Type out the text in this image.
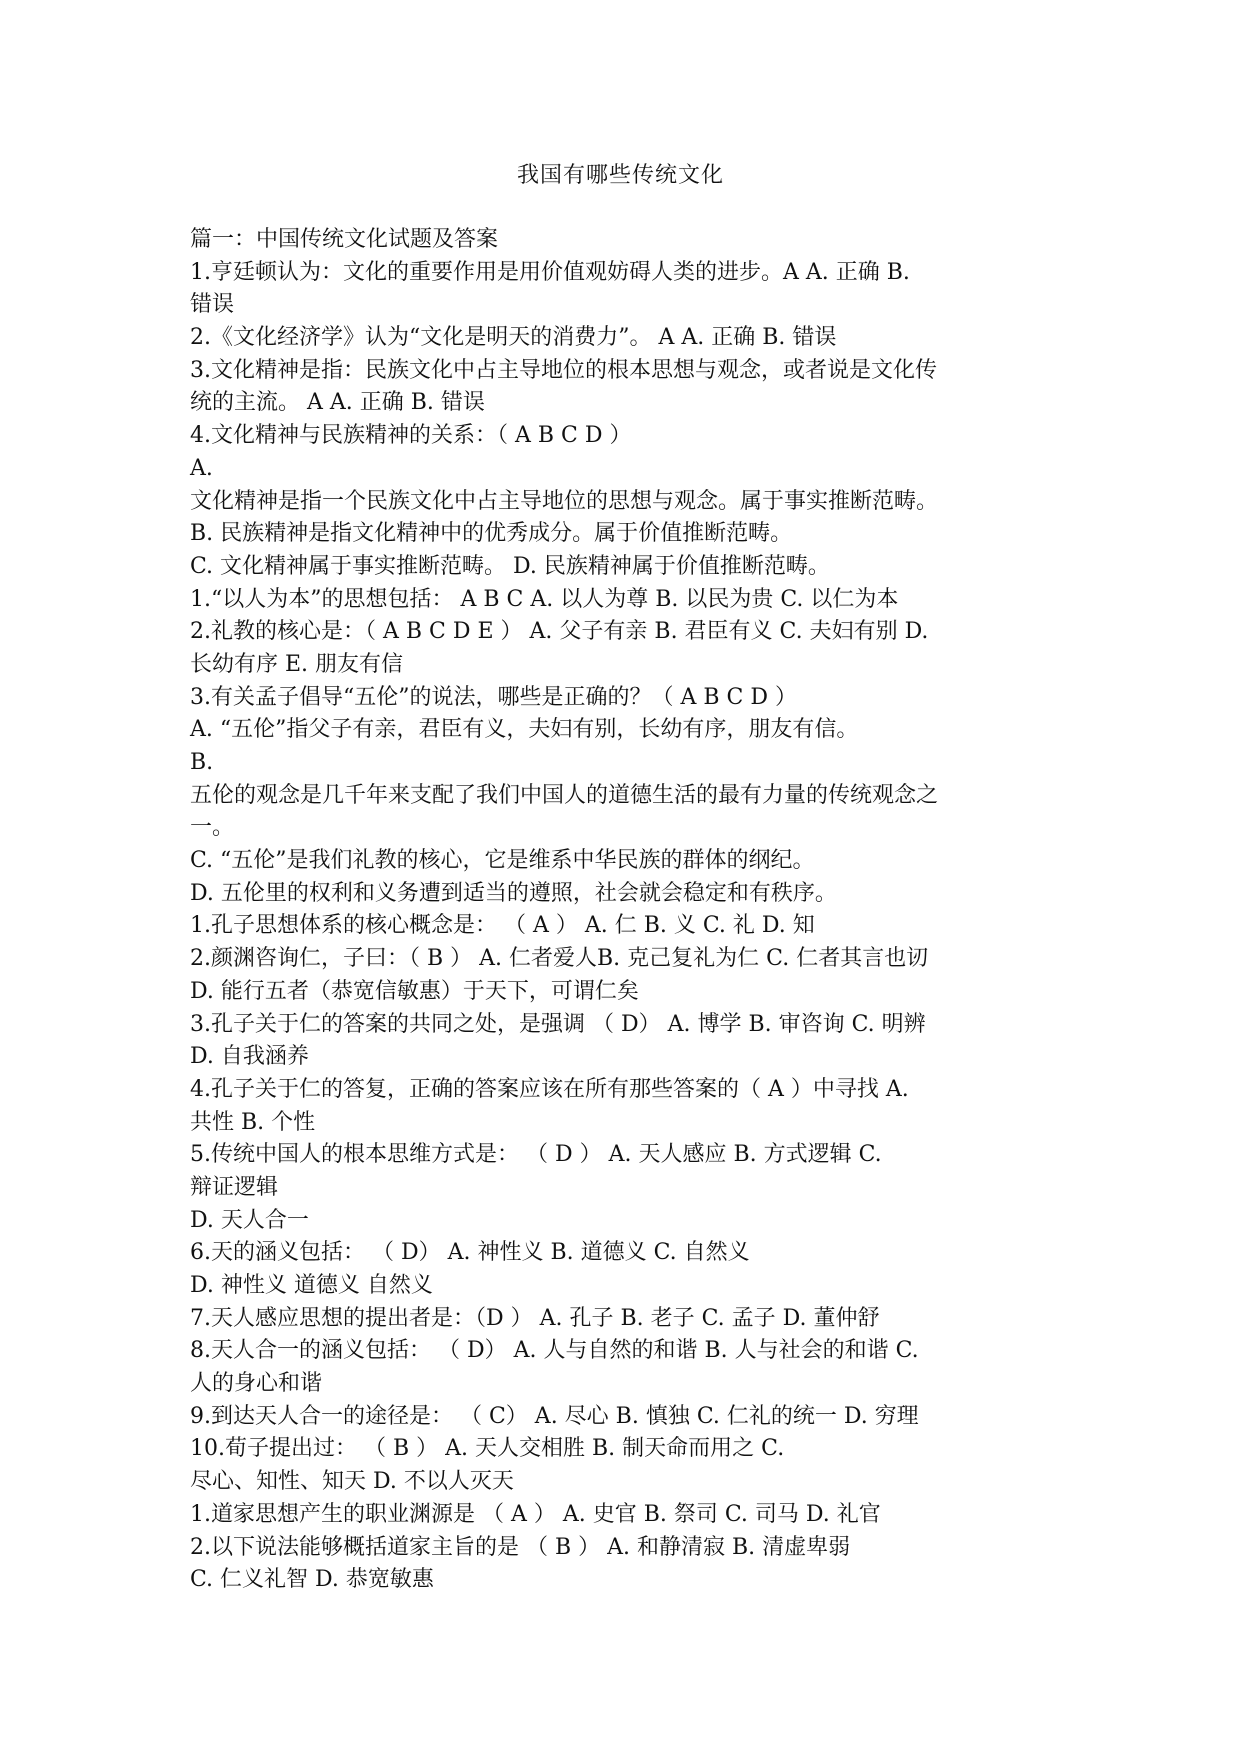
我国有哪些传统文化
篇一：中国传统文化试题及答案
1.亨廷顿认为：文化的重要作用是用价值观妨碍人类的进步。A A. 正确 B.
错误
2.《文化经济学》认为“文化是明天的消费力”。 A A. 正确 B. 错误
3.文化精神是指：民族文化中占主导地位的根本思想与观念，或者说是文化传
统的主流。 A A. 正确 B. 错误
4.文化精神与民族精神的关系：（ A B C D ）
A.
文化精神是指一个民族文化中占主导地位的思想与观念。属于事实推断范畴。
B. 民族精神是指文化精神中的优秀成分。属于价值推断范畴。
C. 文化精神属于事实推断范畴。 D. 民族精神属于价值推断范畴。
1.“以人为本”的思想包括： A B C A. 以人为尊 B. 以民为贵 C. 以仁为本
2.礼教的核心是：（ A B C D E ） A. 父子有亲 B. 君臣有义 C. 夫妇有别 D.
长幼有序 E. 朋友有信
3.有关孟子倡导“五伦”的说法，哪些是正确的？（ A B C D ）
A. “五伦”指父子有亲，君臣有义，夫妇有别，长幼有序，朋友有信。
B.
五伦的观念是几千年来支配了我们中国人的道德生活的最有力量的传统观念之
一。
C. “五伦”是我们礼教的核心，它是维系中华民族的群体的纲纪。
D. 五伦里的权利和义务遭到适当的遵照，社会就会稳定和有秩序。
1.孔子思想体系的核心概念是： （ A ） A. 仁 B. 义 C. 礼 D. 知
2.颜渊咨询仁，子曰：（ B ） A. 仁者爱人B. 克己复礼为仁 C. 仁者其言也讱
D. 能行五者（恭宽信敏惠）于天下，可谓仁矣
3.孔子关于仁的答案的共同之处，是强调 （ D） A. 博学 B. 审咨询 C. 明辨
D. 自我涵养
4.孔子关于仁的答复，正确的答案应该在所有那些答案的（ A ）中寻找 A.
共性 B. 个性
5.传统中国人的根本思维方式是： （ D ） A. 天人感应 B. 方式逻辑 C.
辩证逻辑
D. 天人合一
6.天的涵义包括： （ D） A. 神性义 B. 道德义 C. 自然义
D. 神性义 道德义 自然义
7.天人感应思想的提出者是：（D ） A. 孔子 B. 老子 C. 孟子 D. 董仲舒
8.天人合一的涵义包括： （ D） A. 人与自然的和谐 B. 人与社会的和谐 C.
人的身心和谐
9.到达天人合一的途径是： （ C） A. 尽心 B. 慎独 C. 仁礼的统一 D. 穷理
10.荀子提出过： （ B ） A. 天人交相胜 B. 制天命而用之 C.
尽心、知性、知天 D. 不以人灭天
1.道家思想产生的职业渊源是 （ A ） A. 史官 B. 祭司 C. 司马 D. 礼官
2.以下说法能够概括道家主旨的是 （ B ） A. 和静清寂 B. 清虚卑弱
C. 仁义礼智 D. 恭宽敏惠
